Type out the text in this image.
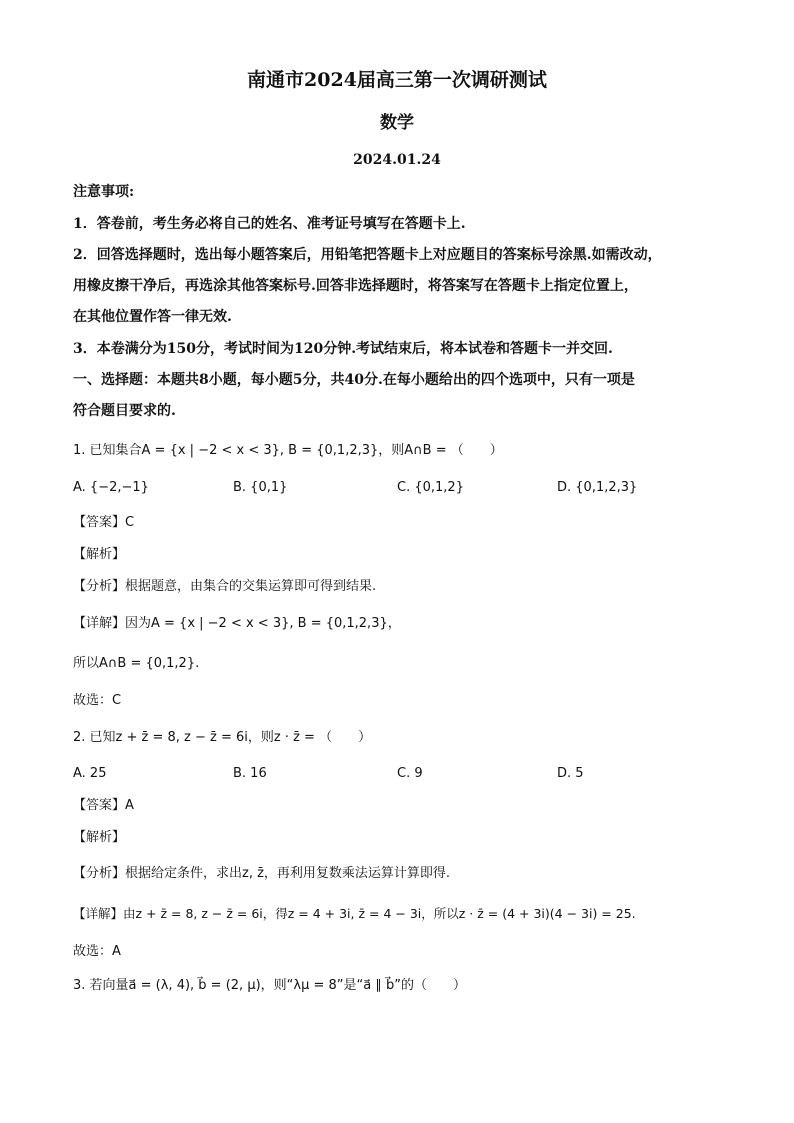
南通市2024届高三第一次调研测试
数学
2024.01.24
注意事项:
1．答卷前，考生务必将自己的姓名、准考证号填写在答题卡上.
2．回答选择题时，选出每小题答案后，用铅笔把答题卡上对应题目的答案标号涂黑.如需改动，
用橡皮擦干净后，再选涂其他答案标号.回答非选择题时，将答案写在答题卡上指定位置上，
在其他位置作答一律无效.
3．本卷满分为150分，考试时间为120分钟.考试结束后，将本试卷和答题卡一并交回.
一、选择题：本题共8小题，每小题5分，共40分.在每小题给出的四个选项中，只有一项是
符合题目要求的.
1. 已知集合A = {x | −2 < x < 3}, B = {0,1,2,3}，则A∩B = （　　）
A. {−2,−1}	B. {0,1}	C. {0,1,2}	D. {0,1,2,3}
【答案】C
【解析】
【分析】根据题意，由集合的交集运算即可得到结果.
【详解】因为A = {x | −2 < x < 3}, B = {0,1,2,3}，
所以A∩B = {0,1,2}.
故选：C
2. 已知z + z̄ = 8, z − z̄ = 6i，则z · z̄ = （　　）
A. 25	B. 16	C. 9	D. 5
【答案】A
【解析】
【分析】根据给定条件，求出z, z̄，再利用复数乘法运算计算即得.
【详解】由z + z̄ = 8, z − z̄ = 6i，得z = 4 + 3i, z̄ = 4 − 3i，所以z · z̄ = (4 + 3i)(4 − 3i) = 25.
故选：A
3. 若向量a⃗ = (λ, 4), b⃗ = (2, μ)，则“λμ = 8”是“a⃗ ∥ b⃗”的（　　）
